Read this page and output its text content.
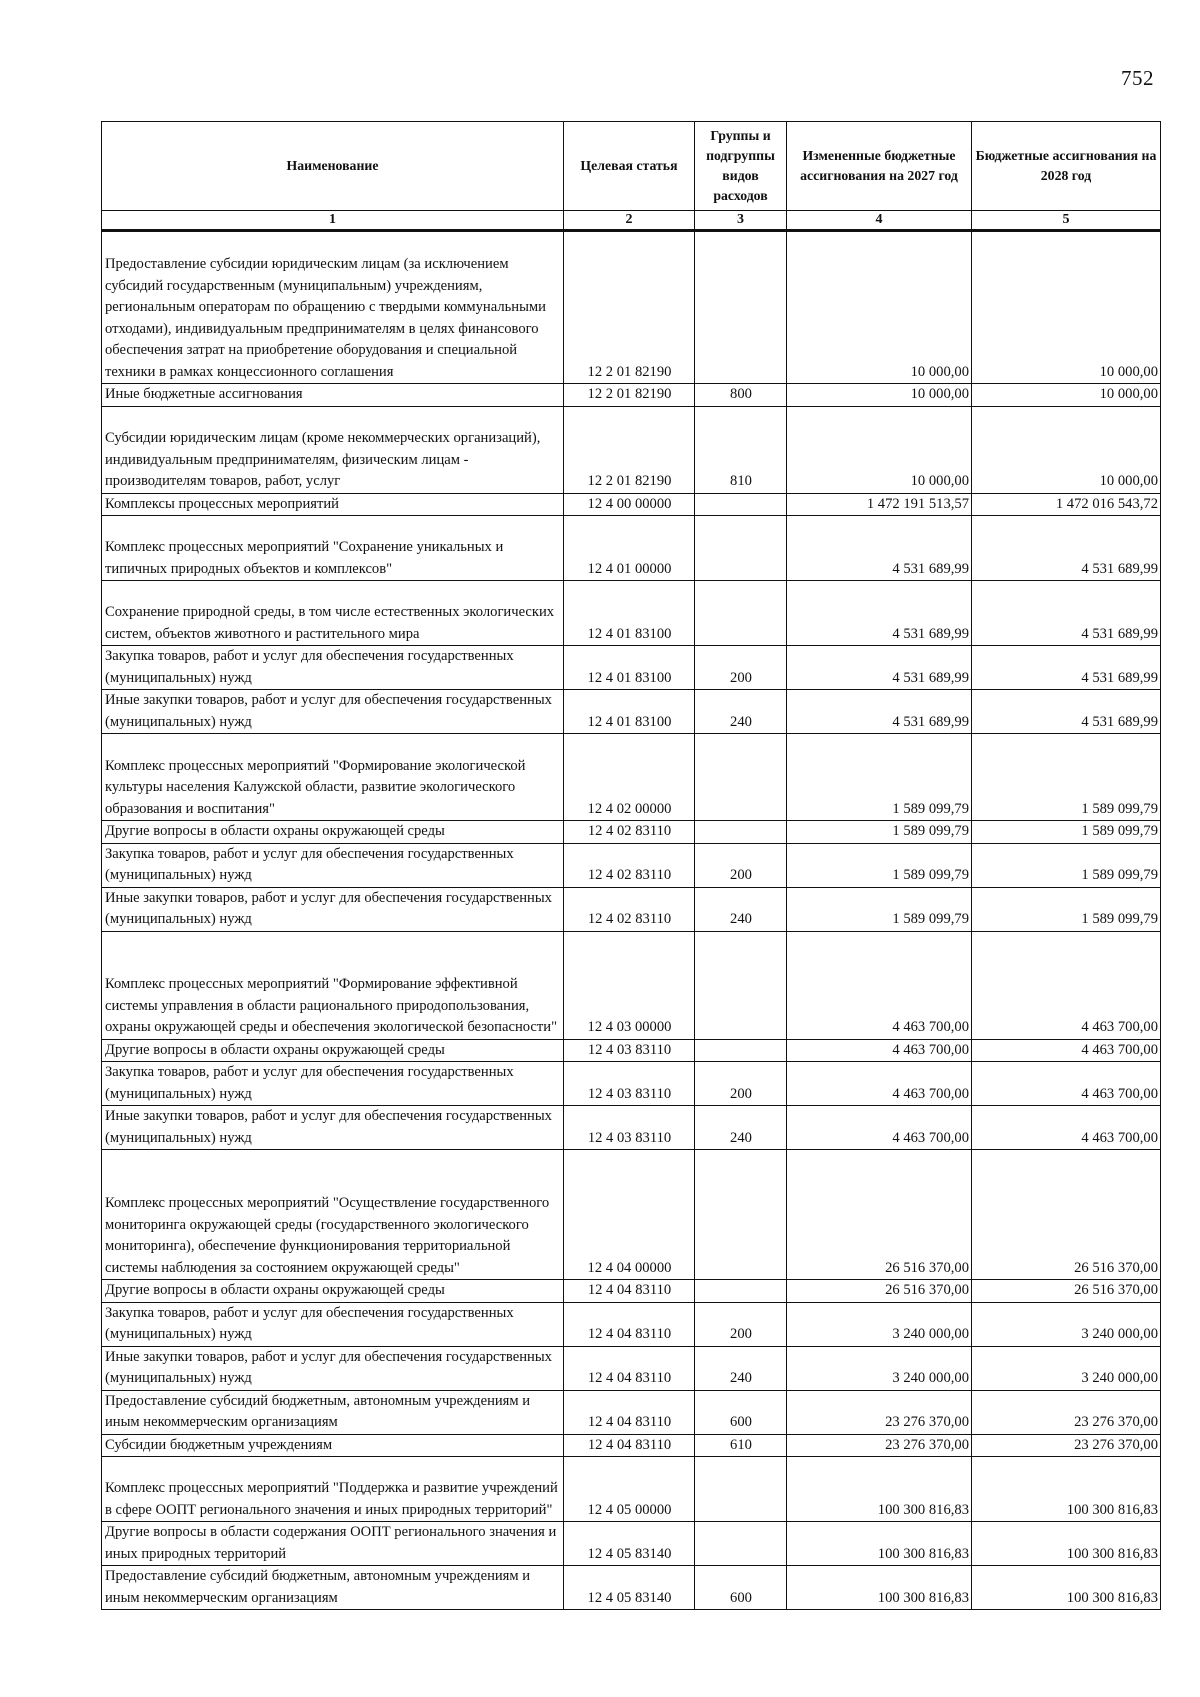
752
Наименование	Целевая статья	Группы и подгруппы видов расходов	Измененные бюджетные ассигнования на 2027 год	Бюджетные ассигнования на 2028 год
1	2	3	4	5
Предоставление субсидии юридическим лицам (за исключением субсидий государственным (муниципальным) учреждениям, региональным операторам по обращению с твердыми коммунальными отходами), индивидуальным предпринимателям в целях финансового обеспечения затрат на приобретение оборудования и специальной техники в рамках концессионного соглашения	12 2 01 82190		10 000,00	10 000,00
Иные бюджетные ассигнования	12 2 01 82190	800	10 000,00	10 000,00
Субсидии юридическим лицам (кроме некоммерческих организаций), индивидуальным предпринимателям, физическим лицам - производителям товаров, работ, услуг	12 2 01 82190	810	10 000,00	10 000,00
Комплексы процессных мероприятий	12 4 00 00000		1 472 191 513,57	1 472 016 543,72
Комплекс процессных мероприятий "Сохранение уникальных и типичных природных объектов и комплексов"	12 4 01 00000		4 531 689,99	4 531 689,99
Сохранение природной среды, в том числе естественных экологических систем, объектов животного и растительного мира	12 4 01 83100		4 531 689,99	4 531 689,99
Закупка товаров, работ и услуг для обеспечения государственных (муниципальных) нужд	12 4 01 83100	200	4 531 689,99	4 531 689,99
Иные закупки товаров, работ и услуг для обеспечения государственных (муниципальных) нужд	12 4 01 83100	240	4 531 689,99	4 531 689,99
Комплекс процессных мероприятий "Формирование экологической культуры населения Калужской области, развитие экологического образования и воспитания"	12 4 02 00000		1 589 099,79	1 589 099,79
Другие вопросы в области охраны окружающей среды	12 4 02 83110		1 589 099,79	1 589 099,79
Закупка товаров, работ и услуг для обеспечения государственных (муниципальных) нужд	12 4 02 83110	200	1 589 099,79	1 589 099,79
Иные закупки товаров, работ и услуг для обеспечения государственных (муниципальных) нужд	12 4 02 83110	240	1 589 099,79	1 589 099,79
Комплекс процессных мероприятий "Формирование эффективной системы управления в области рационального природопользования, охраны окружающей среды и обеспечения экологической безопасности"	12 4 03 00000		4 463 700,00	4 463 700,00
Другие вопросы в области охраны окружающей среды	12 4 03 83110		4 463 700,00	4 463 700,00
Закупка товаров, работ и услуг для обеспечения государственных (муниципальных) нужд	12 4 03 83110	200	4 463 700,00	4 463 700,00
Иные закупки товаров, работ и услуг для обеспечения государственных (муниципальных) нужд	12 4 03 83110	240	4 463 700,00	4 463 700,00
Комплекс процессных мероприятий "Осуществление государственного мониторинга окружающей среды (государственного экологического мониторинга), обеспечение функционирования территориальной системы наблюдения за состоянием окружающей среды"	12 4 04 00000		26 516 370,00	26 516 370,00
Другие вопросы в области охраны окружающей среды	12 4 04 83110		26 516 370,00	26 516 370,00
Закупка товаров, работ и услуг для обеспечения государственных (муниципальных) нужд	12 4 04 83110	200	3 240 000,00	3 240 000,00
Иные закупки товаров, работ и услуг для обеспечения государственных (муниципальных) нужд	12 4 04 83110	240	3 240 000,00	3 240 000,00
Предоставление субсидий бюджетным, автономным учреждениям и иным некоммерческим организациям	12 4 04 83110	600	23 276 370,00	23 276 370,00
Субсидии бюджетным учреждениям	12 4 04 83110	610	23 276 370,00	23 276 370,00
Комплекс процессных мероприятий "Поддержка и развитие учреждений в сфере ООПТ регионального значения и иных природных территорий"	12 4 05 00000		100 300 816,83	100 300 816,83
Другие вопросы в области содержания ООПТ регионального значения и иных природных территорий	12 4 05 83140		100 300 816,83	100 300 816,83
Предоставление субсидий бюджетным, автономным учреждениям и иным некоммерческим организациям	12 4 05 83140	600	100 300 816,83	100 300 816,83
